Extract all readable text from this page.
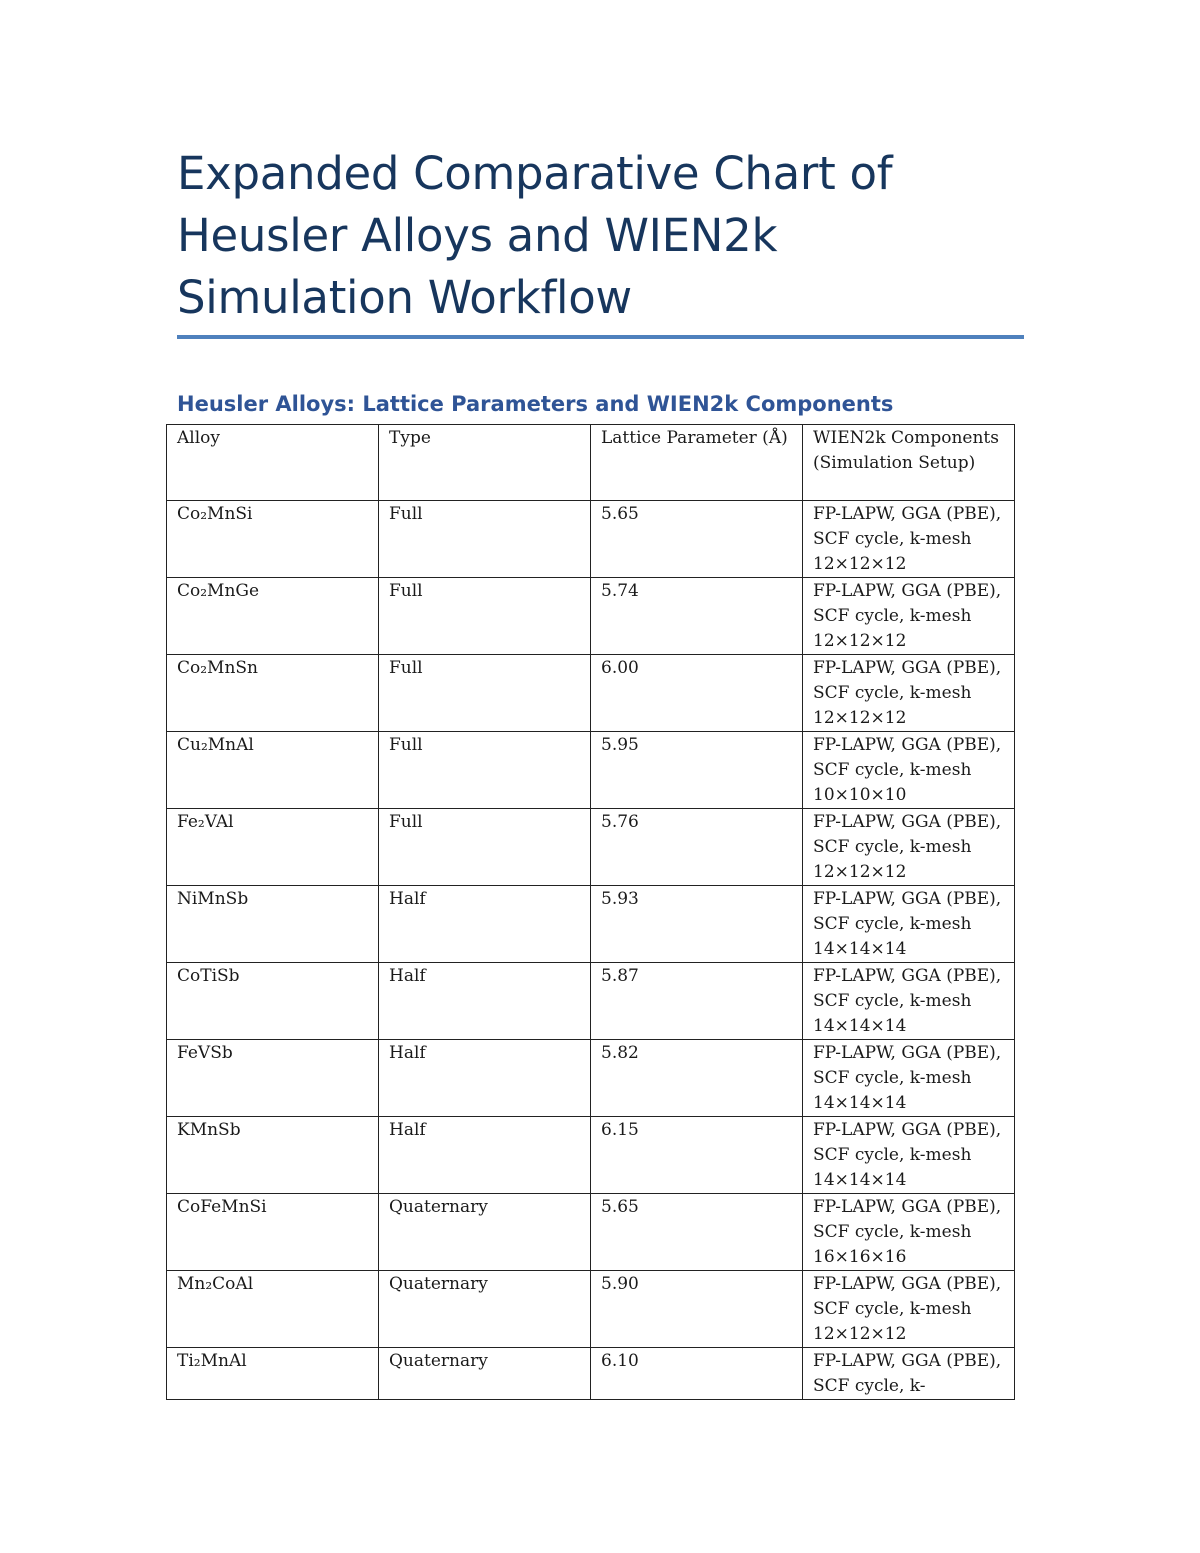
Expanded Comparative Chart of Heusler Alloys and WIEN2k Simulation Workflow
Heusler Alloys: Lattice Parameters and WIEN2k Components
Alloy	Type	Lattice Parameter (Å)	WIEN2k Components (Simulation Setup)
Co₂MnSi	Full	5.65	FP-LAPW, GGA (PBE), SCF cycle, k-mesh 12×12×12
Co₂MnGe	Full	5.74	FP-LAPW, GGA (PBE), SCF cycle, k-mesh 12×12×12
Co₂MnSn	Full	6.00	FP-LAPW, GGA (PBE), SCF cycle, k-mesh 12×12×12
Cu₂MnAl	Full	5.95	FP-LAPW, GGA (PBE), SCF cycle, k-mesh 10×10×10
Fe₂VAl	Full	5.76	FP-LAPW, GGA (PBE), SCF cycle, k-mesh 12×12×12
NiMnSb	Half	5.93	FP-LAPW, GGA (PBE), SCF cycle, k-mesh 14×14×14
CoTiSb	Half	5.87	FP-LAPW, GGA (PBE), SCF cycle, k-mesh 14×14×14
FeVSb	Half	5.82	FP-LAPW, GGA (PBE), SCF cycle, k-mesh 14×14×14
KMnSb	Half	6.15	FP-LAPW, GGA (PBE), SCF cycle, k-mesh 14×14×14
CoFeMnSi	Quaternary	5.65	FP-LAPW, GGA (PBE), SCF cycle, k-mesh 16×16×16
Mn₂CoAl	Quaternary	5.90	FP-LAPW, GGA (PBE), SCF cycle, k-mesh 12×12×12
Ti₂MnAl	Quaternary	6.10	FP-LAPW, GGA (PBE), SCF cycle, k-
